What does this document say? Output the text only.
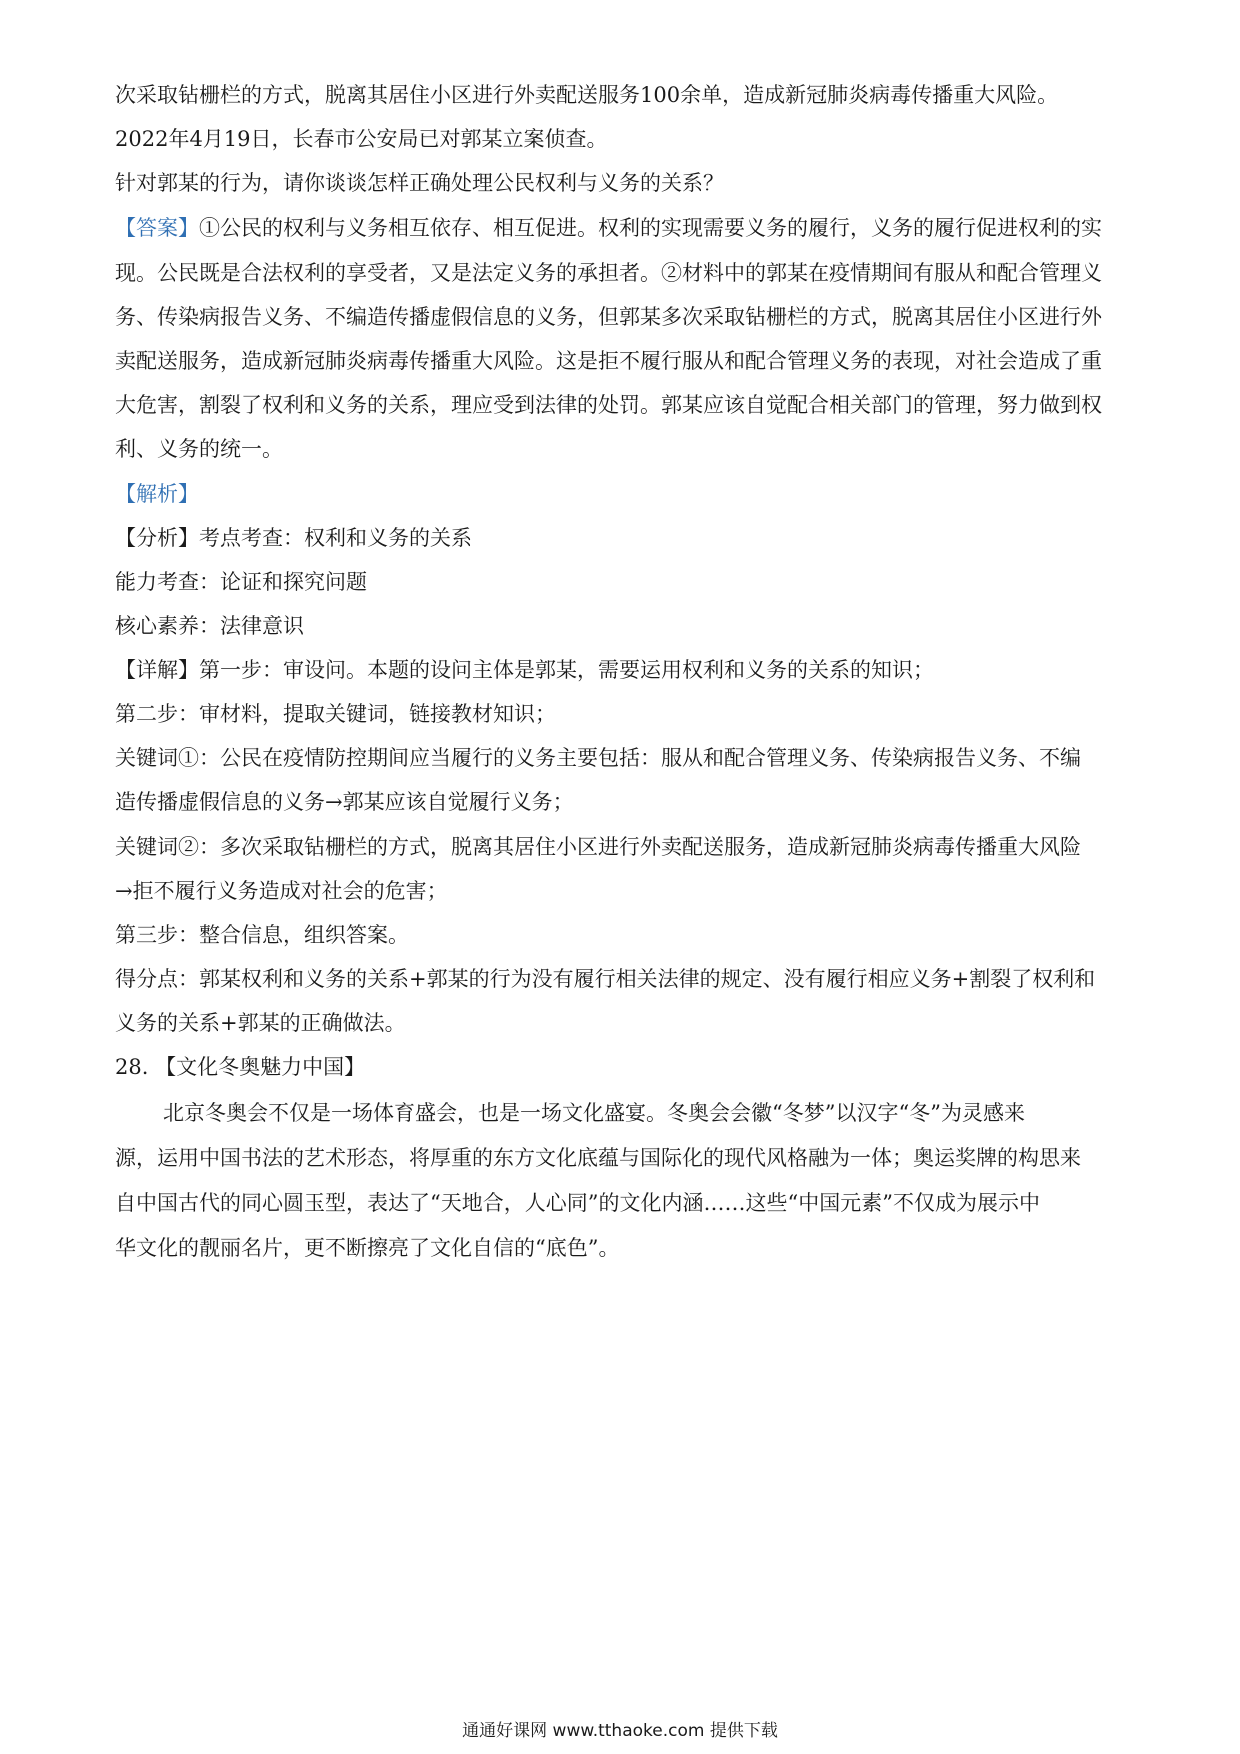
次采取钻栅栏的方式，脱离其居住小区进行外卖配送服务100余单，造成新冠肺炎病毒传播重大风险。
2022年4月19日，长春市公安局已对郭某立案侦查。
针对郭某的行为，请你谈谈怎样正确处理公民权利与义务的关系？
【答案】①公民的权利与义务相互依存、相互促进。权利的实现需要义务的履行，义务的履行促进权利的实
现。公民既是合法权利的享受者，又是法定义务的承担者。②材料中的郭某在疫情期间有服从和配合管理义
务、传染病报告义务、不编造传播虚假信息的义务，但郭某多次采取钻栅栏的方式，脱离其居住小区进行外
卖配送服务，造成新冠肺炎病毒传播重大风险。这是拒不履行服从和配合管理义务的表现，对社会造成了重
大危害，割裂了权利和义务的关系，理应受到法律的处罚。郭某应该自觉配合相关部门的管理，努力做到权
利、义务的统一。
【解析】
【分析】考点考查：权利和义务的关系
能力考查：论证和探究问题
核心素养：法律意识
【详解】第一步：审设问。本题的设问主体是郭某，需要运用权利和义务的关系的知识；
第二步：审材料，提取关键词，链接教材知识；
关键词①：公民在疫情防控期间应当履行的义务主要包括：服从和配合管理义务、传染病报告义务、不编
造传播虚假信息的义务→郭某应该自觉履行义务；
关键词②：多次采取钻栅栏的方式，脱离其居住小区进行外卖配送服务，造成新冠肺炎病毒传播重大风险
→拒不履行义务造成对社会的危害；
第三步：整合信息，组织答案。
得分点：郭某权利和义务的关系+郭某的行为没有履行相关法律的规定、没有履行相应义务+割裂了权利和
义务的关系+郭某的正确做法。
28. 【文化冬奥魅力中国】
北京冬奥会不仅是一场体育盛会，也是一场文化盛宴。冬奥会会徽“冬梦”以汉字“冬”为灵感来
源，运用中国书法的艺术形态，将厚重的东方文化底蕴与国际化的现代风格融为一体；奥运奖牌的构思来
自中国古代的同心圆玉型，表达了“天地合，人心同”的文化内涵……这些“中国元素”不仅成为展示中
华文化的靓丽名片，更不断擦亮了文化自信的“底色”。
通通好课网 www.tthaoke.com 提供下载
